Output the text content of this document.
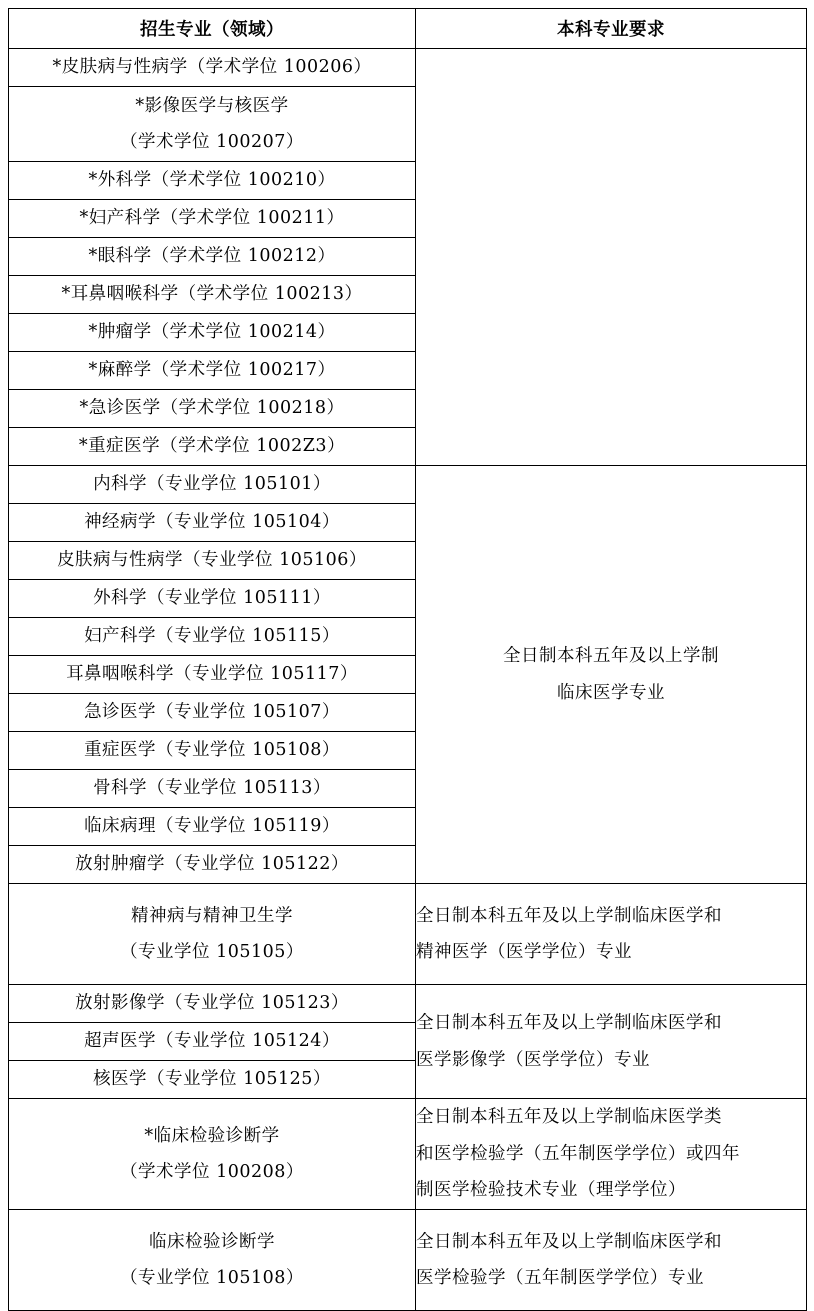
招生专业（领域）	本科专业要求

*皮肤病与性病学（学术学位 100206）	

*影像医学与核医学
（学术学位 100207）	

*外科学（学术学位 100210）	

*妇产科学（学术学位 100211）	

*眼科学（学术学位 100212）	

*耳鼻咽喉科学（学术学位 100213）	

*肿瘤学（学术学位 100214）	

*麻醉学（学术学位 100217）	

*急诊医学（学术学位 100218）	

*重症医学（学术学位 1002Z3）	

内科学（专业学位 105101）	全日制本科五年及以上学制
临床医学专业

神经病学（专业学位 105104）	

皮肤病与性病学（专业学位 105106）	

外科学（专业学位 105111）	

妇产科学（专业学位 105115）	

耳鼻咽喉科学（专业学位 105117）	

急诊医学（专业学位 105107）	

重症医学（专业学位 105108）	

骨科学（专业学位 105113）	

临床病理（专业学位 105119）	

放射肿瘤学（专业学位 105122）	

精神病与精神卫生学
（专业学位 105105）	全日制本科五年及以上学制临床医学和
精神医学（医学学位）专业

放射影像学（专业学位 105123）	全日制本科五年及以上学制临床医学和
医学影像学（医学学位）专业

超声医学（专业学位 105124）	

核医学（专业学位 105125）	

*临床检验诊断学
（学术学位 100208）	全日制本科五年及以上学制临床医学类
和医学检验学（五年制医学学位）或四年
制医学检验技术专业（理学学位）

临床检验诊断学
（专业学位 105108）	全日制本科五年及以上学制临床医学和
医学检验学（五年制医学学位）专业
